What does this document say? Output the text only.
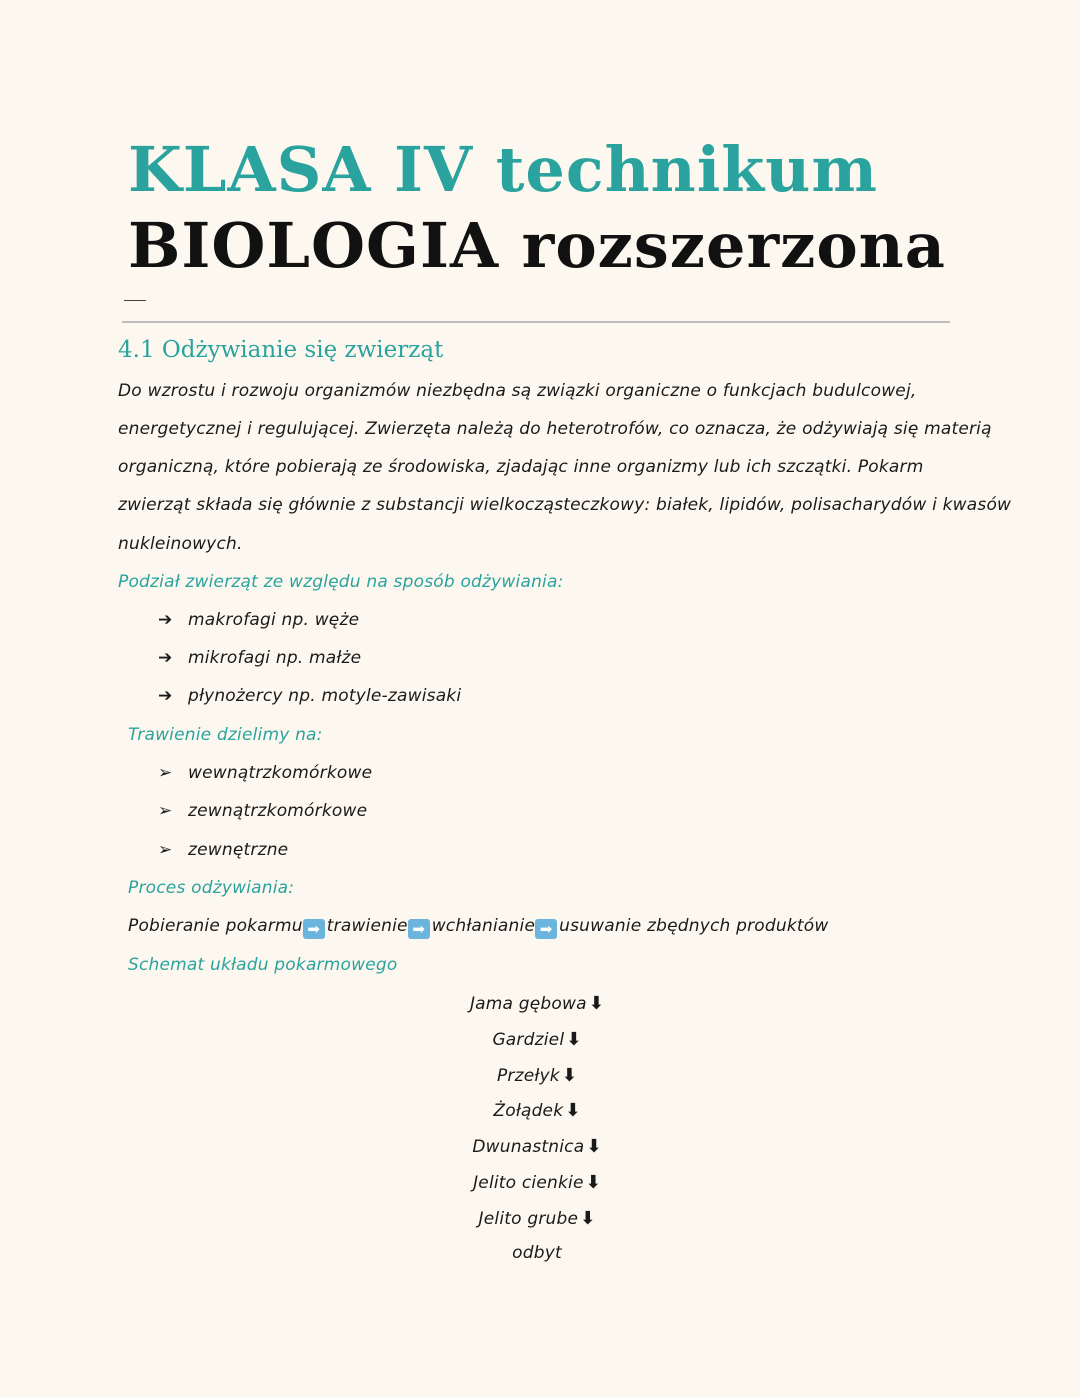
KLASA IV technikum
BIOLOGIA rozszerzona
4.1 Odżywianie się zwierząt
Do wzrostu i rozwoju organizmów niezbędna są związki organiczne o funkcjach budulcowej,
energetycznej i regulującej. Zwierzęta należą do heterotrofów, co oznacza, że odżywiają się materią
organiczną, które pobierają ze środowiska, zjadając inne organizmy lub ich szczątki. Pokarm
zwierząt składa się głównie z substancji wielkocząsteczkowy: białek, lipidów, polisacharydów i kwasów
nukleinowych.
Podział zwierząt ze względu na sposób odżywiania:
➔ makrofagi np. węże
➔ mikrofagi np. małże
➔ płynożercy np. motyle-zawisaki
Trawienie dzielimy na:
➢ wewnątrzkomórkowe
➢ zewnątrzkomórkowe
➢ zewnętrzne
Proces odżywiania:
Pobieranie pokarmu ➡ trawienie ➡ wchłanianie ➡ usuwanie zbędnych produktów
Schemat układu pokarmowego
Jama gębowa ⬇
Gardziel ⬇
Przełyk ⬇
Żołądek ⬇
Dwunastnica ⬇
Jelito cienkie ⬇
Jelito grube ⬇
odbyt
